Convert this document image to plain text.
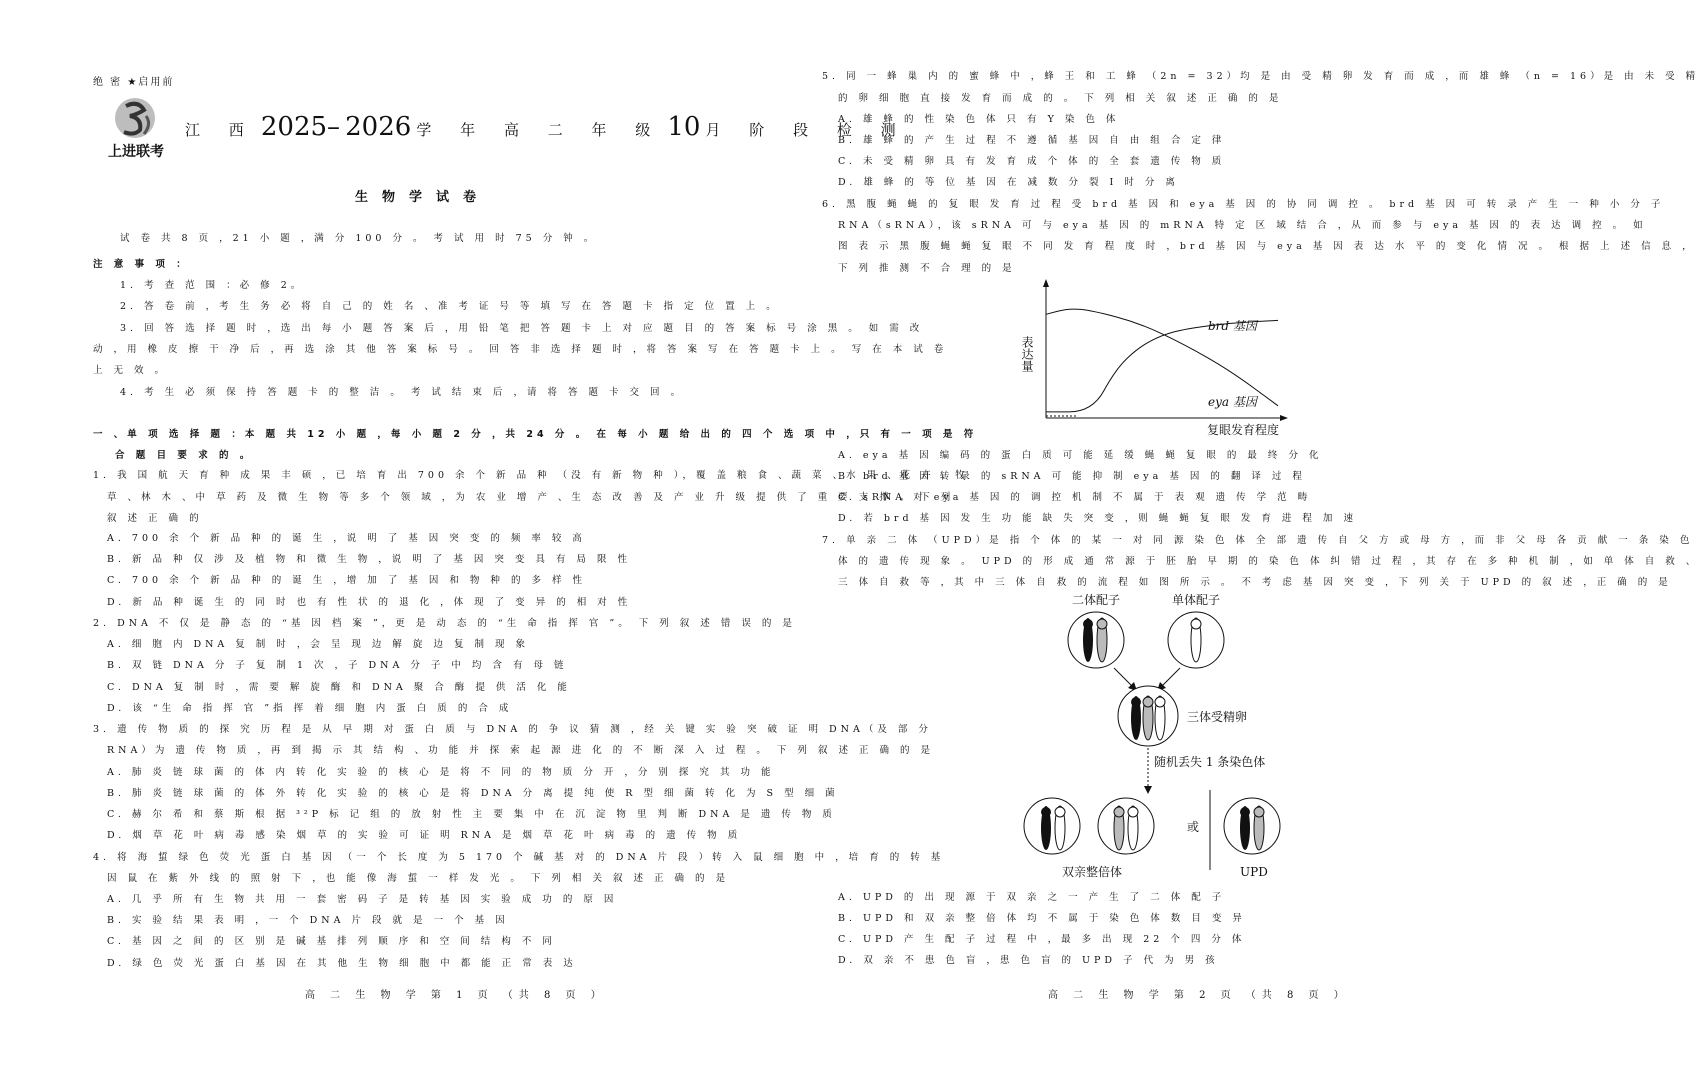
绝 密 ★启用前
上进联考
江 西 2025– 2026 学 年 高 二 年 级 10 月 阶 段 检 测
生物学试卷
试 卷 共 8 页 ，21 小 题 ，满 分 100 分 。 考 试 用 时 75 分 钟 。
注 意 事 项 ：
1. 考 查 范 围 ：必 修 2。
2. 答 卷 前 ，考 生 务 必 将 自 己 的 姓 名 、准 考 证 号 等 填 写 在 答 题 卡 指 定 位 置 上 。
3. 回 答 选 择 题 时 ，选 出 每 小 题 答 案 后 ，用 铅 笔 把 答 题 卡 上 对 应 题 目 的 答 案 标 号 涂 黑 。 如 需 改
动 ，用 橡 皮 擦 干 净 后 ，再 选 涂 其 他 答 案 标 号 。 回 答 非 选 择 题 时 ，将 答 案 写 在 答 题 卡 上 。 写 在 本 试 卷
上 无 效 。
4. 考 生 必 须 保 持 答 题 卡 的 整 洁 。 考 试 结 束 后 ，请 将 答 题 卡 交 回 。
一 、单 项 选 择 题 ：本 题 共 12 小 题 ，每 小 题 2 分 ，共 24 分 。 在 每 小 题 给 出 的 四 个 选 项 中 ，只 有 一 项 是 符
合 题 目 要 求 的 。
1. 我 国 航 天 育 种 成 果 丰 硕 ，已 培 育 出 700 余 个 新 品 种 （没 有 新 物 种 ），覆 盖 粮 食 、蔬 菜 、水 果 、花 卉 、牧
草 、林 木 、中 草 药 及 微 生 物 等 多 个 领 域 ，为 农 业 增 产 、生 态 改 善 及 产 业 升 级 提 供 了 重 要 支 撑 。 下 列
叙 述 正 确 的
A. 700 余 个 新 品 种 的 诞 生 ，说 明 了 基 因 突 变 的 频 率 较 高
B. 新 品 种 仅 涉 及 植 物 和 微 生 物 ，说 明 了 基 因 突 变 具 有 局 限 性
C. 700 余 个 新 品 种 的 诞 生 ，增 加 了 基 因 和 物 种 的 多 样 性
D. 新 品 种 诞 生 的 同 时 也 有 性 状 的 退 化 ，体 现 了 变 异 的 相 对 性
2. DNA 不 仅 是 静 态 的 “基 因 档 案 ”，更 是 动 态 的 “生 命 指 挥 官 ”。 下 列 叙 述 错 误 的 是
A. 细 胞 内 DNA 复 制 时 ，会 呈 现 边 解 旋 边 复 制 现 象
B. 双 链 DNA 分 子 复 制 1 次 ，子 DNA 分 子 中 均 含 有 母 链
C. DNA 复 制 时 ，需 要 解 旋 酶 和 DNA 聚 合 酶 提 供 活 化 能
D. 该 “生 命 指 挥 官 ”指 挥 着 细 胞 内 蛋 白 质 的 合 成
3. 遗 传 物 质 的 探 究 历 程 是 从 早 期 对 蛋 白 质 与 DNA 的 争 议 猜 测 ，经 关 键 实 验 突 破 证 明 DNA（及 部 分
RNA）为 遗 传 物 质 ，再 到 揭 示 其 结 构 、功 能 并 探 索 起 源 进 化 的 不 断 深 入 过 程 。 下 列 叙 述 正 确 的 是
A. 肺 炎 链 球 菌 的 体 内 转 化 实 验 的 核 心 是 将 不 同 的 物 质 分 开 ，分 别 探 究 其 功 能
B. 肺 炎 链 球 菌 的 体 外 转 化 实 验 的 核 心 是 将 DNA 分 离 提 纯 使 R 型 细 菌 转 化 为 S 型 细 菌
C. 赫 尔 希 和 蔡 斯 根 据 ³²P 标 记 组 的 放 射 性 主 要 集 中 在 沉 淀 物 里 判 断 DNA 是 遗 传 物 质
D. 烟 草 花 叶 病 毒 感 染 烟 草 的 实 验 可 证 明 RNA 是 烟 草 花 叶 病 毒 的 遗 传 物 质
4. 将 海 蜇 绿 色 荧 光 蛋 白 基 因 （一 个 长 度 为 5 170 个 碱 基 对 的 DNA 片 段 ）转 入 鼠 细 胞 中 ，培 育 的 转 基
因 鼠 在 紫 外 线 的 照 射 下 ，也 能 像 海 蜇 一 样 发 光 。 下 列 相 关 叙 述 正 确 的 是
A. 几 乎 所 有 生 物 共 用 一 套 密 码 子 是 转 基 因 实 验 成 功 的 原 因
B. 实 验 结 果 表 明 ，一 个 DNA 片 段 就 是 一 个 基 因
C. 基 因 之 间 的 区 别 是 碱 基 排 列 顺 序 和 空 间 结 构 不 同
D. 绿 色 荧 光 蛋 白 基 因 在 其 他 生 物 细 胞 中 都 能 正 常 表 达
高 二 生 物 学 第 1 页 （共 8 页 ）
5. 同 一 蜂 巢 内 的 蜜 蜂 中 ，蜂 王 和 工 蜂 （2n = 32）均 是 由 受 精 卵 发 育 而 成 ，而 雄 蜂 （n = 16）是 由 未 受 精
的 卵 细 胞 直 接 发 育 而 成 的 。 下 列 相 关 叙 述 正 确 的 是
A. 雄 蜂 的 性 染 色 体 只 有 Y 染 色 体
B. 雄 蜂 的 产 生 过 程 不 遵 循 基 因 自 由 组 合 定 律
C. 未 受 精 卵 具 有 发 育 成 个 体 的 全 套 遗 传 物 质
D. 雄 蜂 的 等 位 基 因 在 减 数 分 裂 Ⅰ 时 分 离
6. 黑 腹 蝇 蝇 的 复 眼 发 育 过 程 受 brd 基 因 和 eya 基 因 的 协 同 调 控 。 brd 基 因 可 转 录 产 生 一 种 小 分 子
RNA（sRNA），该 sRNA 可 与 eya 基 因 的 mRNA 特 定 区 域 结 合 ，从 而 参 与 eya 基 因 的 表 达 调 控 。 如
图 表 示 黑 腹 蝇 蝇 复 眼 不 同 发 育 程 度 时 ，brd 基 因 与 eya 基 因 表 达 水 平 的 变 化 情 况 。 根 据 上 述 信 息 ，
下 列 推 测 不 合 理 的 是
表达量
复眼发育程度
brd 基因
eya 基因
A. eya 基 因 编 码 的 蛋 白 质 可 能 延 缓 蝇 蝇 复 眼 的 最 终 分 化
B. brd 基 因 转 录 的 sRNA 可 能 抑 制 eya 基 因 的 翻 译 过 程
C. sRNA 对 eya 基 因 的 调 控 机 制 不 属 于 表 观 遗 传 学 范 畴
D. 若 brd 基 因 发 生 功 能 缺 失 突 变 ，则 蝇 蝇 复 眼 发 育 进 程 加 速
7. 单 亲 二 体 （UPD）是 指 个 体 的 某 一 对 同 源 染 色 体 全 部 遗 传 自 父 方 或 母 方 ，而 非 父 母 各 贡 献 一 条 染 色
体 的 遗 传 现 象 。 UPD 的 形 成 通 常 源 于 胚 胎 早 期 的 染 色 体 纠 错 过 程 ，其 存 在 多 种 机 制 ，如 单 体 自 救 、
三 体 自 救 等 ，其 中 三 体 自 救 的 流 程 如 图 所 示 。 不 考 虑 基 因 突 变 ，下 列 关 于 UPD 的 叙 述 ，正 确 的 是
二体配子	单体配子
三体受精卵
随机丢失 1 条染色体
或
双亲整倍体	UPD
A. UPD 的 出 现 源 于 双 亲 之 一 产 生 了 二 体 配 子
B. UPD 和 双 亲 整 倍 体 均 不 属 于 染 色 体 数 目 变 异
C. UPD 产 生 配 子 过 程 中 ，最 多 出 现 22 个 四 分 体
D. 双 亲 不 患 色 盲 ，患 色 盲 的 UPD 子 代 为 男 孩
高 二 生 物 学 第 2 页 （共 8 页 ）
